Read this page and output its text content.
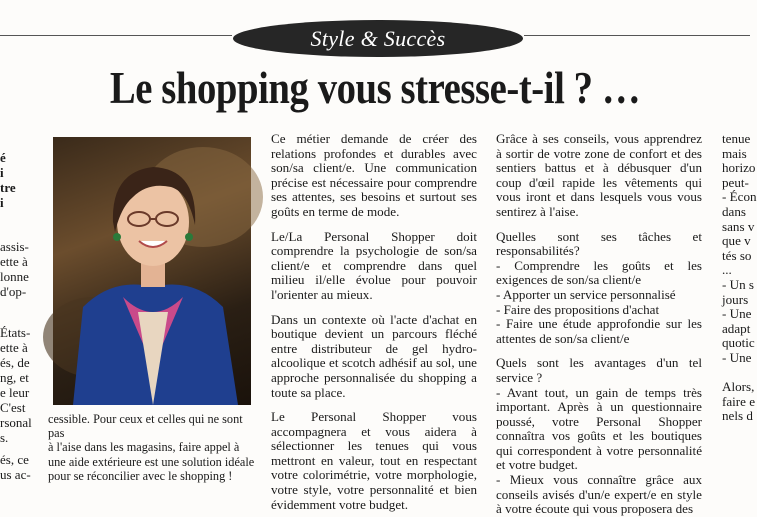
Style & Succès
Le shopping vous stresse-t-il ? …
é
i
tre
i
assis-
ette à
lonne
d'op-
États-
ette à
és, de
ng, et
e leur
C'est
rsonal
s.
és, ce
us ac-
cessible. Pour ceux et celles qui ne sont pas
à l'aise dans les magasins, faire appel à
une aide extérieure est une solution idéale
pour se réconcilier avec le shopping !

Ce métier demande de créer des relations profondes et durables avec son/sa client/e. Une communication précise est nécessaire pour comprendre ses attentes, ses besoins et surtout ses goûts en terme de mode.

Le/La Personal Shopper doit comprendre la psychologie de son/sa client/e et comprendre dans quel milieu il/elle évolue pour pouvoir l'orienter au mieux.

Dans un contexte où l'acte d'achat en boutique devient un parcours fléché entre distributeur de gel hydro-alcoolique et scotch adhésif au sol, une approche personnalisée du shopping a toute sa place.

Le Personal Shopper vous accompagnera et vous aidera à sélectionner les tenues qui vous mettront en valeur, tout en respectant votre colorimétrie, votre morphologie, votre style, votre personnalité et bien évidemment votre budget.

Grâce à ses conseils, vous apprendrez à sortir de votre zone de confort et des sentiers battus et à débusquer d'un coup d'œil rapide les vêtements qui vous iront et dans lesquels vous vous sentirez à l'aise.

Quelles sont ses tâches et responsabilités?
- Comprendre les goûts et les exigences de son/sa client/e
- Apporter un service personnalisé
- Faire des propositions d'achat
- Faire une étude approfondie sur les attentes de son/sa client/e
Quels sont les avantages d'un tel service ?
- Avant tout, un gain de temps très important. Après à un questionnaire poussé, votre Personal Shopper connaîtra vos goûts et les boutiques qui correspondent à votre personnalité et votre budget.
- Mieux vous connaître grâce aux conseils avisés d'un/e expert/e en style à votre écoute qui vous proposera des
tenue
mais
horizo
peut-
- Écon
dans
sans v
que v
tés so
...
- Un s
jours
- Une
adapt
quotic
- Une

Alors,
faire e
nels d
